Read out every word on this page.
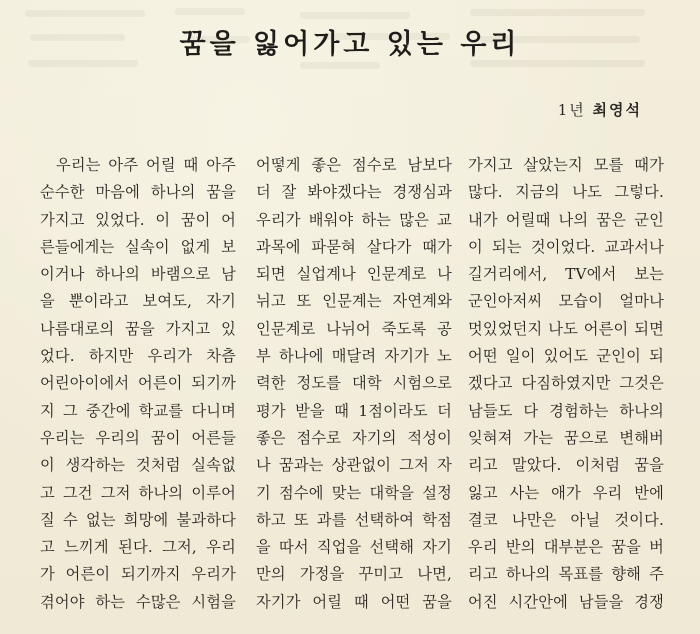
꿈을 잃어가고 있는 우리
1년 최영석
우리는 아주 어릴 때 아주
순수한 마음에 하나의 꿈을
가지고 있었다. 이 꿈이 어
른들에게는 실속이 없게 보
이거나 하나의 바램으로 남
을 뿐이라고 보여도, 자기
나름대로의 꿈을 가지고 있
었다. 하지만 우리가 차츰
어린아이에서 어른이 되기까
지 그 중간에 학교를 다니며
우리는 우리의 꿈이 어른들
이 생각하는 것처럼 실속없
고 그건 그저 하나의 이루어
질 수 없는 희망에 불과하다
고 느끼게 된다. 그저, 우리
가 어른이 되기까지 우리가
겪어야 하는 수많은 시험을
어떻게 좋은 점수로 남보다
더 잘 봐야겠다는 경쟁심과
우리가 배워야 하는 많은 교
과목에 파묻혀 살다가 때가
되면 실업계나 인문계로 나
뉘고 또 인문계는 자연계와
인문계로 나뉘어 죽도록 공
부 하나에 매달려 자기가 노
력한 정도를 대학 시험으로
평가 받을 때 1점이라도 더
좋은 점수로 자기의 적성이
나 꿈과는 상관없이 그저 자
기 점수에 맞는 대학을 설정
하고 또 과를 선택하여 학점
을 따서 직업을 선택해 자기
만의 가정을 꾸미고 나면,
자기가 어릴 때 어떤 꿈을
가지고 살았는지 모를 때가
많다. 지금의 나도 그렇다.
내가 어릴때 나의 꿈은 군인
이 되는 것이었다. 교과서나
길거리에서, TV에서 보는
군인아저씨 모습이 얼마나
멋있었던지 나도 어른이 되면
어떤 일이 있어도 군인이 되
겠다고 다짐하였지만 그것은
남들도 다 경험하는 하나의
잊혀져 가는 꿈으로 변해버
리고 말았다. 이처럼 꿈을
잃고 사는 애가 우리 반에
결코 나만은 아닐 것이다.
우리 반의 대부분은 꿈을 버
리고 하나의 목표를 향해 주
어진 시간안에 남들을 경쟁
